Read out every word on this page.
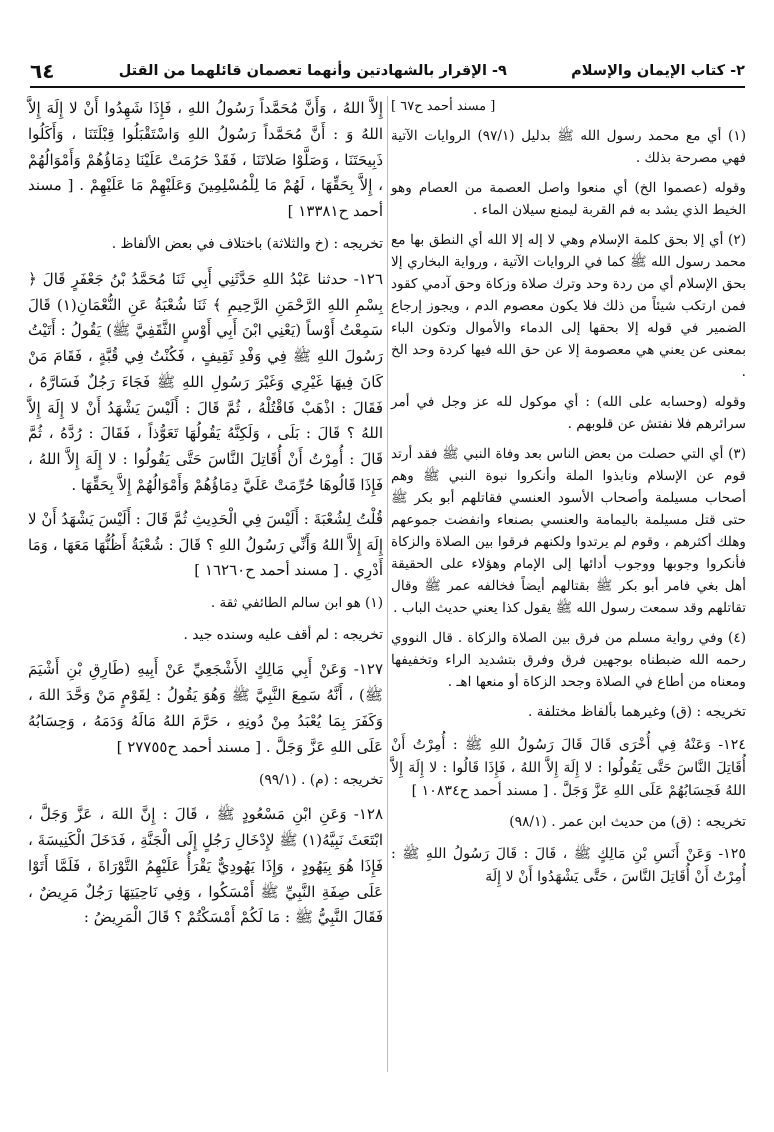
٢- كتاب الإيمان والإسلام
٩- الإقرار بالشهادتين وأنهما تعصمان قائلهما من القتل
٦٤
[ مسند أحمد ح٦٧ ]

(١) أي مع محمد رسول الله ﷺ بدليل (٩٧/١) الروايات الآتية فهي مصرحة بذلك .

وقوله (عصموا الخ) أي منعوا واصل العصمة من العصام وهو الخيط الذي يشد به فم القربة ليمنع سيلان الماء .

(٢) أي إلا بحق كلمة الإسلام وهي لا إله إلا الله أي النطق بها مع محمد رسول الله ﷺ كما في الروايات الآتية ، ورواية البخاري إلا بحق الإسلام أي من ردة وحد وترك صلاة وزكاة وحق آدمي كقود فمن ارتكب شيئاً من ذلك فلا يكون معصوم الدم ، ويجوز إرجاع الضمير في قوله إلا بحقها إلى الدماء والأموال وتكون الباء بمعنى عن يعني هي معصومة إلا عن حق الله فيها كردة وحد الخ .

وقوله (وحسابه على الله) : أي موكول لله عز وجل في أمر سرائرهم فلا نفتش عن قلوبهم .

(٣) أي التي حصلت من بعض الناس بعد وفاة النبي ﷺ فقد أرتد قوم عن الإسلام ونابذوا الملة وأنكروا نبوة النبي ﷺ وهم أصحاب مسيلمة وأصحاب الأسود العنسي فقاتلهم أبو بكر ﷺ حتى قتل مسيلمة باليمامة والعنسي بصنعاء وانفضت جموعهم وهلك أكثرهم ، وقوم لم يرتدوا ولكنهم فرقوا بين الصلاة والزكاة فأنكروا وجوبها ووجوب أدائها إلى الإمام وهؤلاء على الحقيقة أهل بغي فامر أبو بكر ﷺ بقتالهم أيضاً فخالفه عمر ﷺ وقال تقاتلهم وقد سمعت رسول الله ﷺ يقول كذا يعني حديث الباب .

(٤) وفي رواية مسلم من فرق بين الصلاة والزكاة . قال النووي رحمه الله ضبطناه بوجهين فرق وفرق بتشديد الراء وتخفيفها ومعناه من أطاع في الصلاة وجحد الزكاة أو منعها اهـ .

تخريجه : (ق) وغيرهما بألفاظ مختلفة .

١٢٤- وَعَنْهُ فِي أُخْرَى قَالَ قَالَ رَسُولُ اللهِ ﷺ : أُمِرْتُ أَنْ أُقَاتِلَ النَّاسَ حَتَّى يَقُولُوا : لا إِلَهَ إِلاَّ اللهُ ، فَإِذَا قَالُوا : لا إِلَهَ إِلاَّ اللهُ فَحِسَابُهُمْ عَلَى اللهِ عَزَّ وَجَلَّ . [ مسند أحمد ح١٠٨٣٤ ]

تخريجه : (ق) من حديث ابن عمر . (٩٨/١)

١٢٥- وَعَنْ أَنَسِ بْنِ مَالِكٍ ﷺ ، قَالَ : قَالَ رَسُولُ اللهِ ﷺ : أُمِرْتُ أَنْ أُقَاتِلَ النَّاسَ ، حَتَّى يَشْهَدُوا أَنْ لا إِلَهَ

إِلاَّ اللهُ ، وَأَنَّ مُحَمَّداً رَسُولُ اللهِ ، فَإِذَا شَهِدُوا أَنْ لا إِلَهَ إِلاَّ اللهُ وَ : أَنَّ مُحَمَّداً رَسُولُ اللهِ وَاسْتَقْبَلُوا قِبْلَتَنَا ، وَأَكَلُوا ذَبِيحَتَنَا ، وَصَلَّوْا صَلاتَنَا ، فَقَدْ حَرُمَتْ عَلَيْنَا دِمَاؤُهُمْ وَأَمْوَالُهُمْ ، إِلاَّ بِحَقِّهَا ، لَهُمْ مَا لِلْمُسْلِمِينَ وَعَلَيْهِمْ مَا عَلَيْهِمْ . [ مسند أحمد ح١٣٣٨١ ]

تخريجه : (خ والثلاثة) باختلاف في بعض الألفاظ .

١٢٦- حدثنا عَبْدُ اللهِ حَدَّثَنِي أَبِي ثَنَا مُحَمَّدُ بْنُ جَعْفَرٍ قَالَ ﴿ بِسْمِ اللهِ الرَّحْمَنِ الرَّحِيمِ ﴾ ثَنَا شُعْبَةُ عَنِ النُّعْمَانِ(١) قَالَ سَمِعْتُ أَوْساً (يَعْنِي ابْنَ أَبِي أَوْسٍ الثَّقَفِيَّ ﷺ) يَقُولُ : أَتَيْتُ رَسُولَ اللهِ ﷺ فِي وَفْدِ ثَقِيفٍ ، فَكُنْتُ فِي قُبَّةٍ ، فَقَامَ مَنْ كَانَ فِيهَا غَيْرِي وَغَيْرَ رَسُولِ اللهِ ﷺ فَجَاءَ رَجُلٌ فَسَارَّهُ ، فَقَالَ : اذْهَبْ فَاقْتُلْهُ ، ثُمَّ قَالَ : أَلَيْسَ يَشْهَدُ أَنْ لا إِلَهَ إِلاَّ اللهُ ؟ قَالَ : بَلَى ، وَلَكِنَّهُ يَقُولُهَا تَعَوُّذاً ، فَقَالَ : رُدَّهُ ، ثُمَّ قَالَ : أُمِرْتُ أَنْ أُقَاتِلَ النَّاسَ حَتَّى يَقُولُوا : لا إِلَهَ إِلاَّ اللهُ ، فَإِذَا قَالُوهَا حُرِّمَتْ عَلَيَّ دِمَاؤُهُمْ وَأَمْوَالُهُمْ إِلاَّ بِحَقِّهَا .

قُلْتُ لِشُعْبَةَ : أَلَيْسَ فِي الْحَدِيثِ ثُمَّ قَالَ : أَلَيْسَ يَشْهَدُ أَنْ لا إِلَهَ إِلاَّ اللهُ وَأَنِّي رَسُولُ اللهِ ؟ قَالَ : شُعْبَةُ أَظُنُّهَا مَعَهَا ، وَمَا أَدْرِي . [ مسند أحمد ح١٦٢٦٠ ]

(١) هو ابن سالم الطائفي ثقة .

تخريجه : لم أقف عليه وسنده جيد .

١٢٧- وَعَنْ أَبِي مَالِكٍ الأَشْجَعِيِّ عَنْ أَبِيهِ (طَارِقِ بْنِ أَشْيَمَ ﷺ) ، أَنَّهُ سَمِعَ النَّبِيَّ ﷺ وَهُوَ يَقُولُ : لِقَوْمٍ مَنْ وَحَّدَ اللهَ ، وَكَفَرَ بِمَا يُعْبَدُ مِنْ دُونِهِ ، حَرَّمَ اللهُ مَالَهُ وَدَمَهُ ، وَحِسَابُهُ عَلَى اللهِ عَزَّ وَجَلَّ . [ مسند أحمد ح٢٧٧٥٥ ]

تخريجه : (م) . (٩٩/١)

١٢٨- وَعَنِ ابْنِ مَسْعُودٍ ﷺ ، قَالَ : إِنَّ اللهَ ، عَزَّ وَجَلَّ ، ابْتَعَثَ نَبِيَّهُ(١) ﷺ لإِدْخَالِ رَجُلٍ إِلَى الْجَنَّةِ ، فَدَخَلَ الْكَنِيسَةَ ، فَإِذَا هُوَ بِيَهُودٍ ، وَإِذَا يَهُودِيٌّ يَقْرَأُ عَلَيْهِمُ التَّوْرَاةَ ، فَلَمَّا أَتَوْا عَلَى صِفَةِ النَّبِيِّ ﷺ أَمْسَكُوا ، وَفِي نَاحِيَتِهَا رَجُلٌ مَرِيضٌ ، فَقَالَ النَّبِيُّ ﷺ : مَا لَكُمْ أَمْسَكْتُمْ ؟ قَالَ الْمَرِيضُ :
